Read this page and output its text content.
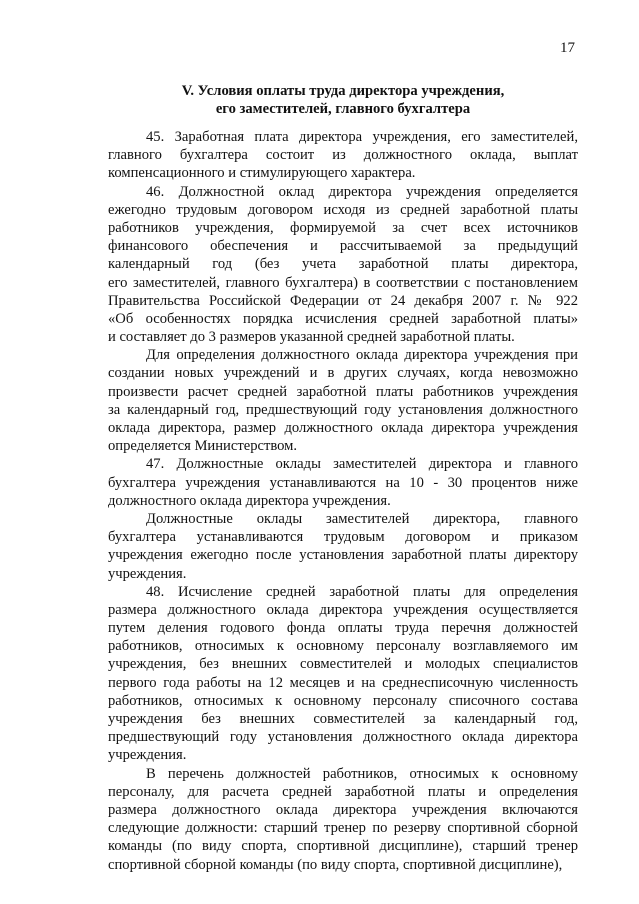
17
V. Условия оплаты труда директора учреждения,
его заместителей, главного бухгалтера
45. Заработная плата директора учреждения, его заместителей,
главного бухгалтера состоит из должностного оклада, выплат
компенсационного и стимулирующего характера.
46. Должностной оклад директора учреждения определяется
ежегодно трудовым договором исходя из средней заработной платы
работников учреждения, формируемой за счет всех источников
финансового обеспечения и рассчитываемой за предыдущий
календарный год (без учета заработной платы директора,
его заместителей, главного бухгалтера) в соответствии с постановлением
Правительства Российской Федерации от 24 декабря 2007 г. № 922
«Об особенностях порядка исчисления средней заработной платы»
и составляет до 3 размеров указанной средней заработной платы.
Для определения должностного оклада директора учреждения при
создании новых учреждений и в других случаях, когда невозможно
произвести расчет средней заработной платы работников учреждения
за календарный год, предшествующий году установления должностного
оклада директора, размер должностного оклада директора учреждения
определяется Министерством.
47. Должностные оклады заместителей директора и главного
бухгалтера учреждения устанавливаются на 10 - 30 процентов ниже
должностного оклада директора учреждения.
Должностные оклады заместителей директора, главного
бухгалтера устанавливаются трудовым договором и приказом
учреждения ежегодно после установления заработной платы директору
учреждения.
48. Исчисление средней заработной платы для определения
размера должностного оклада директора учреждения осуществляется
путем деления годового фонда оплаты труда перечня должностей
работников, относимых к основному персоналу возглавляемого им
учреждения, без внешних совместителей и молодых специалистов
первого года работы на 12 месяцев и на среднесписочную численность
работников, относимых к основному персоналу списочного состава
учреждения без внешних совместителей за календарный год,
предшествующий году установления должностного оклада директора
учреждения.
В перечень должностей работников, относимых к основному
персоналу, для расчета средней заработной платы и определения
размера должностного оклада директора учреждения включаются
следующие должности: старший тренер по резерву спортивной сборной
команды (по виду спорта, спортивной дисциплине), старший тренер
спортивной сборной команды (по виду спорта, спортивной дисциплине),
